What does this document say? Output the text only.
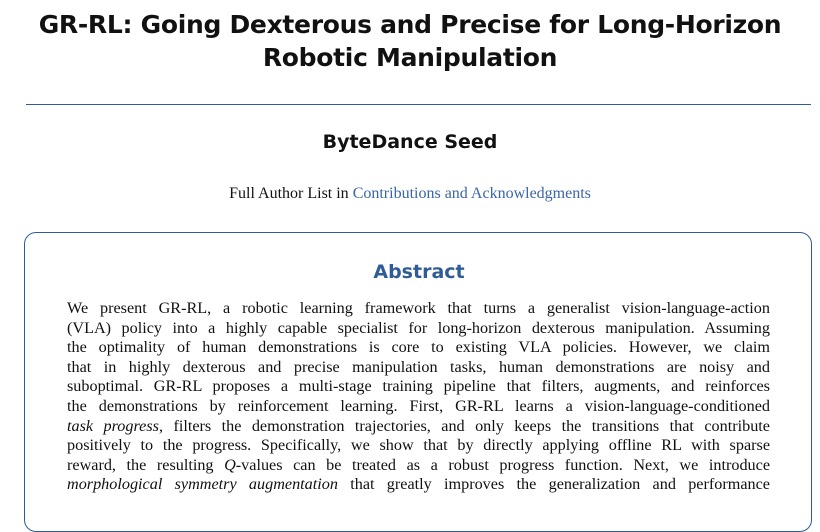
GR-RL: Going Dexterous and Precise for Long-Horizon
Robotic Manipulation
ByteDance Seed
Full Author List in Contributions and Acknowledgments
Abstract
We present GR-RL, a robotic learning framework that turns a generalist vision-language-action
(VLA) policy into a highly capable specialist for long-horizon dexterous manipulation. Assuming
the optimality of human demonstrations is core to existing VLA policies. However, we claim
that in highly dexterous and precise manipulation tasks, human demonstrations are noisy and
suboptimal. GR-RL proposes a multi-stage training pipeline that filters, augments, and reinforces
the demonstrations by reinforcement learning. First, GR-RL learns a vision-language-conditioned
task progress, filters the demonstration trajectories, and only keeps the transitions that contribute
positively to the progress. Specifically, we show that by directly applying offline RL with sparse
reward, the resulting Q-values can be treated as a robust progress function. Next, we introduce
morphological symmetry augmentation that greatly improves the generalization and performance
